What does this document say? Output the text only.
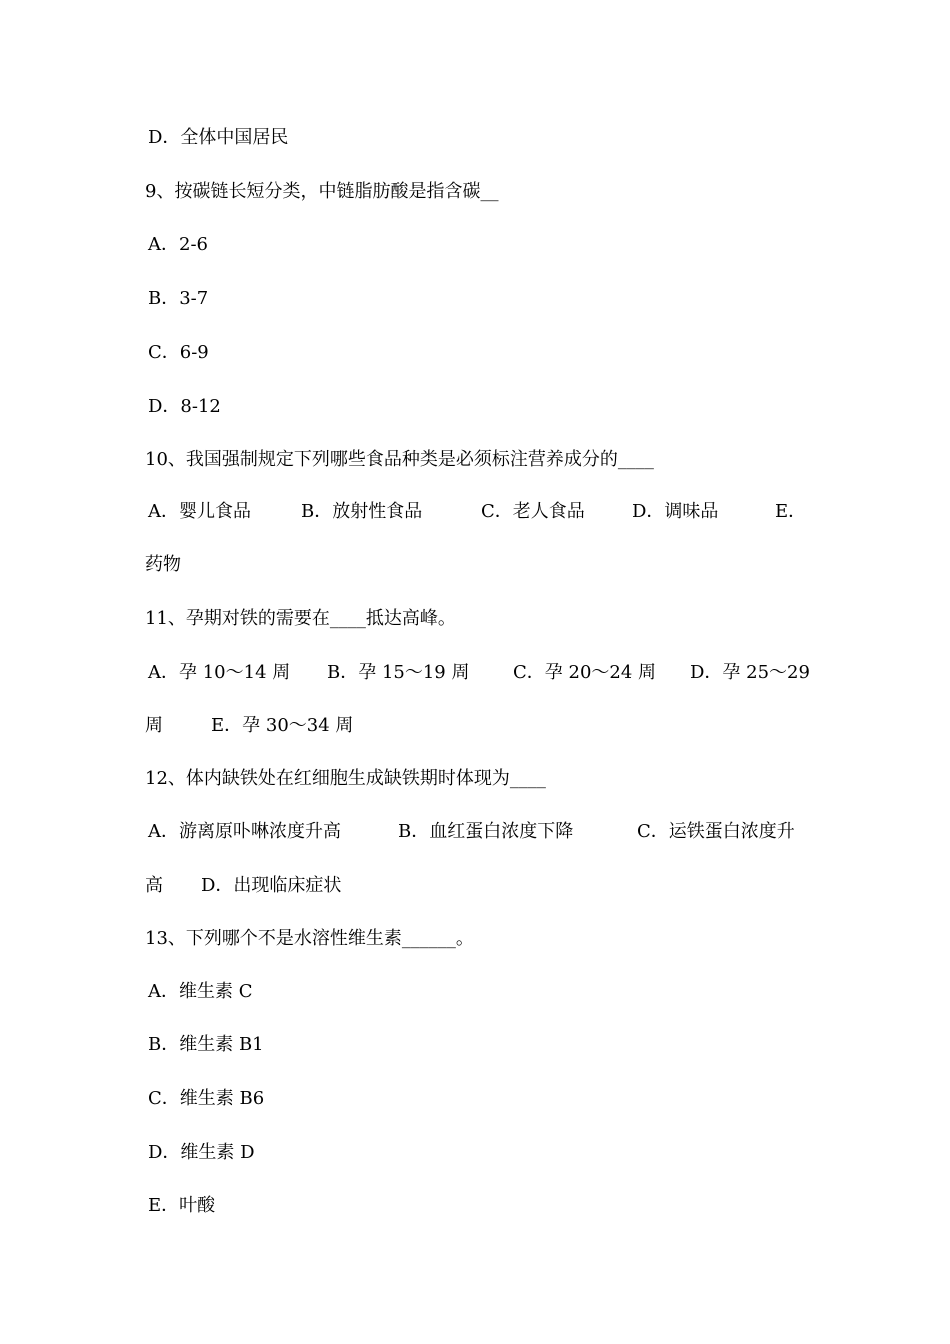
D．全体中国居民
9、按碳链长短分类，中链脂肪酸是指含碳__
A．2-6
B．3-7
C．6-9
D．8-12
10、我国强制规定下列哪些食品种类是必须标注营养成分的____
A．婴儿食品	B．放射性食品	C．老人食品	D．调味品	E．
药物
11、孕期对铁的需要在____抵达高峰。
A．孕 10～14 周 B．孕 15～19 周 C．孕 20～24 周 D．孕 25～29
周	E．孕 30～34 周
12、体内缺铁处在红细胞生成缺铁期时体现为____
A．游离原卟啉浓度升高	B．血红蛋白浓度下降	C．运铁蛋白浓度升
高 D．出现临床症状
13、下列哪个不是水溶性维生素______。
A．维生素 C
B．维生素 B1
C．维生素 B6
D．维生素 D
E．叶酸
